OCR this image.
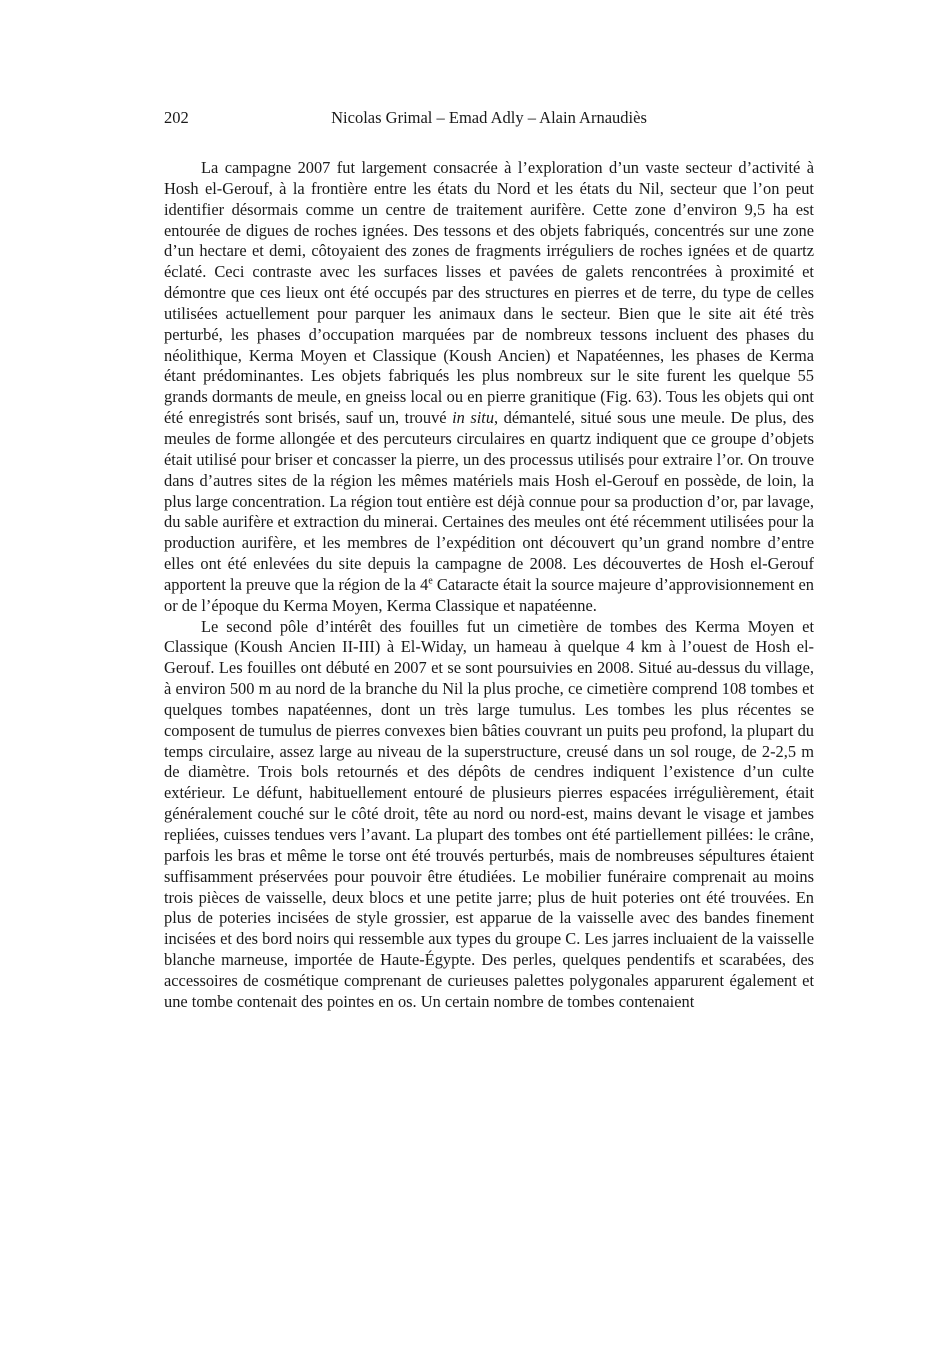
202	Nicolas Grimal – Emad Adly – Alain Arnaudiès

La campagne 2007 fut largement consacrée à l’exploration d’un vaste secteur d’activité à Hosh el-Gerouf, à la frontière entre les états du Nord et les états du Nil, secteur que l’on peut identifier désormais comme un centre de traitement aurifère. Cette zone d’environ 9,5 ha est entourée de digues de roches ignées. Des tessons et des objets fabriqués, concentrés sur une zone d’un hectare et demi, côtoyaient des zones de fragments irréguliers de roches ignées et de quartz éclaté. Ceci contraste avec les surfaces lisses et pavées de galets rencontrées à proximité et démontre que ces lieux ont été occupés par des structures en pierres et de terre, du type de celles utilisées actuellement pour parquer les animaux dans le secteur. Bien que le site ait été très perturbé, les phases d’occupation marquées par de nombreux tessons incluent des phases du néolithique, Kerma Moyen et Classique (Koush Ancien) et Napatéennes, les phases de Kerma étant prédominantes. Les objets fabriqués les plus nombreux sur le site furent les quelque 55 grands dormants de meule, en gneiss local ou en pierre granitique (Fig. 63). Tous les objets qui ont été enregistrés sont brisés, sauf un, trouvé in situ, démantelé, situé sous une meule. De plus, des meules de forme allongée et des percuteurs circulaires en quartz indiquent que ce groupe d’objets était utilisé pour briser et concasser la pierre, un des processus utilisés pour extraire l’or. On trouve dans d’autres sites de la région les mêmes matériels mais Hosh el-Gerouf en possède, de loin, la plus large concentration. La région tout entière est déjà connue pour sa production d’or, par lavage, du sable aurifère et extraction du minerai. Certaines des meules ont été récemment utilisées pour la production aurifère, et les membres de l’expédition ont découvert qu’un grand nombre d’entre elles ont été enlevées du site depuis la campagne de 2008. Les découvertes de Hosh el-Gerouf apportent la preuve que la région de la 4e Cataracte était la source majeure d’approvisionnement en or de l’époque du Kerma Moyen, Kerma Classique et napatéenne.

Le second pôle d’intérêt des fouilles fut un cimetière de tombes des Kerma Moyen et Classique (Koush Ancien II-III) à El-Widay, un hameau à quelque 4 km à l’ouest de Hosh el-Gerouf. Les fouilles ont débuté en 2007 et se sont poursuivies en 2008. Situé au-dessus du village, à environ 500 m au nord de la branche du Nil la plus proche, ce cimetière comprend 108 tombes et quelques tombes napatéennes, dont un très large tumulus. Les tombes les plus récentes se composent de tumulus de pierres convexes bien bâties couvrant un puits peu profond, la plupart du temps circulaire, assez large au niveau de la superstructure, creusé dans un sol rouge, de 2-2,5 m de diamètre. Trois bols retournés et des dépôts de cendres indiquent l’existence d’un culte extérieur. Le défunt, habituellement entouré de plusieurs pierres espacées irrégulièrement, était généralement couché sur le côté droit, tête au nord ou nord-est, mains devant le visage et jambes repliées, cuisses tendues vers l’avant. La plupart des tombes ont été partiellement pillées: le crâne, parfois les bras et même le torse ont été trouvés perturbés, mais de nombreuses sépultures étaient suffisamment préservées pour pouvoir être étudiées. Le mobilier funéraire comprenait au moins trois pièces de vaisselle, deux blocs et une petite jarre; plus de huit poteries ont été trouvées. En plus de poteries incisées de style grossier, est apparue de la vaisselle avec des bandes finement incisées et des bord noirs qui ressemble aux types du groupe C. Les jarres incluaient de la vaisselle blanche marneuse, importée de Haute-Égypte. Des perles, quelques pendentifs et scarabées, des accessoires de cosmétique comprenant de curieuses palettes polygonales apparurent également et une tombe contenait des pointes en os. Un certain nombre de tombes contenaient
